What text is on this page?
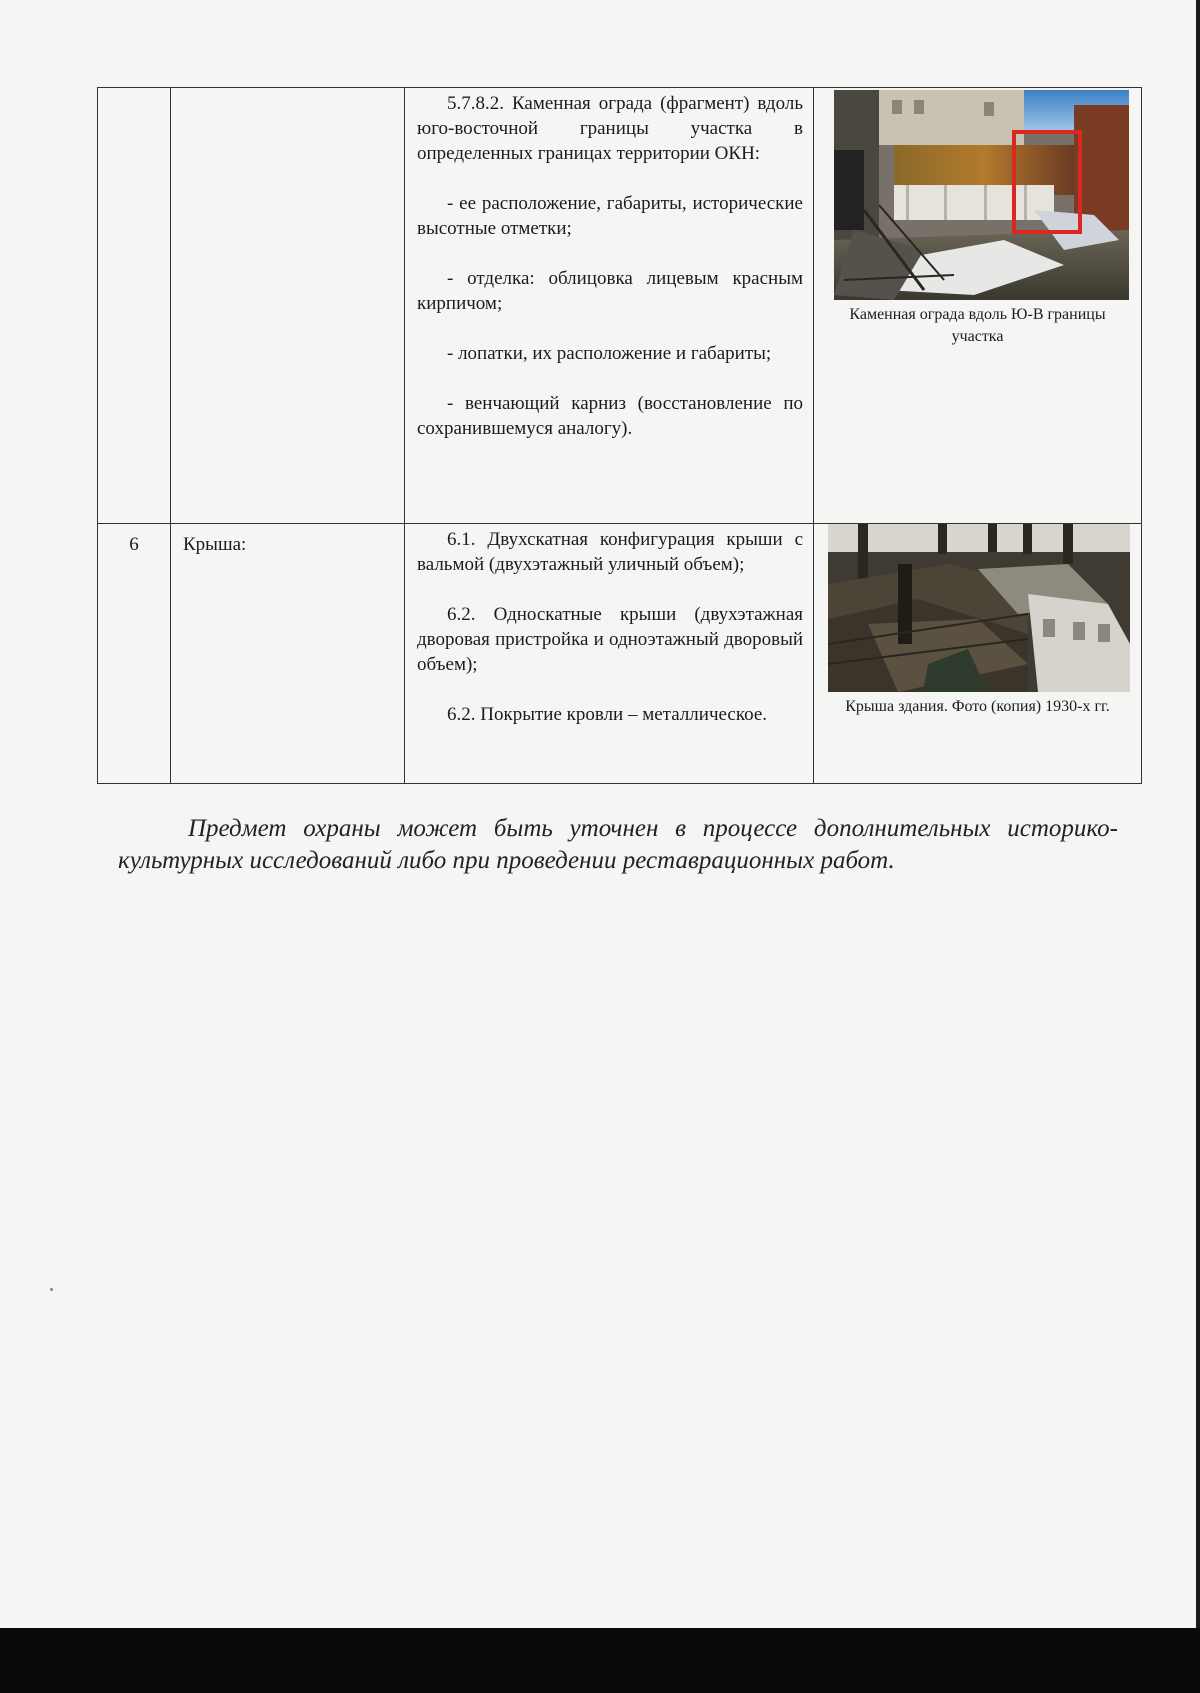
		5.7.8.2. Каменная ограда (фрагмент) вдоль юго-восточной границы участка в определенных границах территории ОКН:

- ее расположение, габариты, исторические высотные отметки;

- отделка: облицовка лицевым красным кирпичом;

- лопатки, их расположение и габариты;

- венчающий карниз (восстановление по сохранившемуся аналогу).	Каменная ограда вдоль Ю-В границы участка

6	Крыша:	6.1. Двухскатная конфигурация крыши с вальмой (двухэтажный уличный объем);

6.2. Односкатные крыши (двухэтажная дворовая пристройка и одноэтажный дворовый объем);

6.2. Покрытие кровли – металлическое.	Крыша здания. Фото (копия) 1930-х гг.
Предмет охраны может быть уточнен в процессе дополнительных историко-культурных исследований либо при проведении реставрационных работ.
